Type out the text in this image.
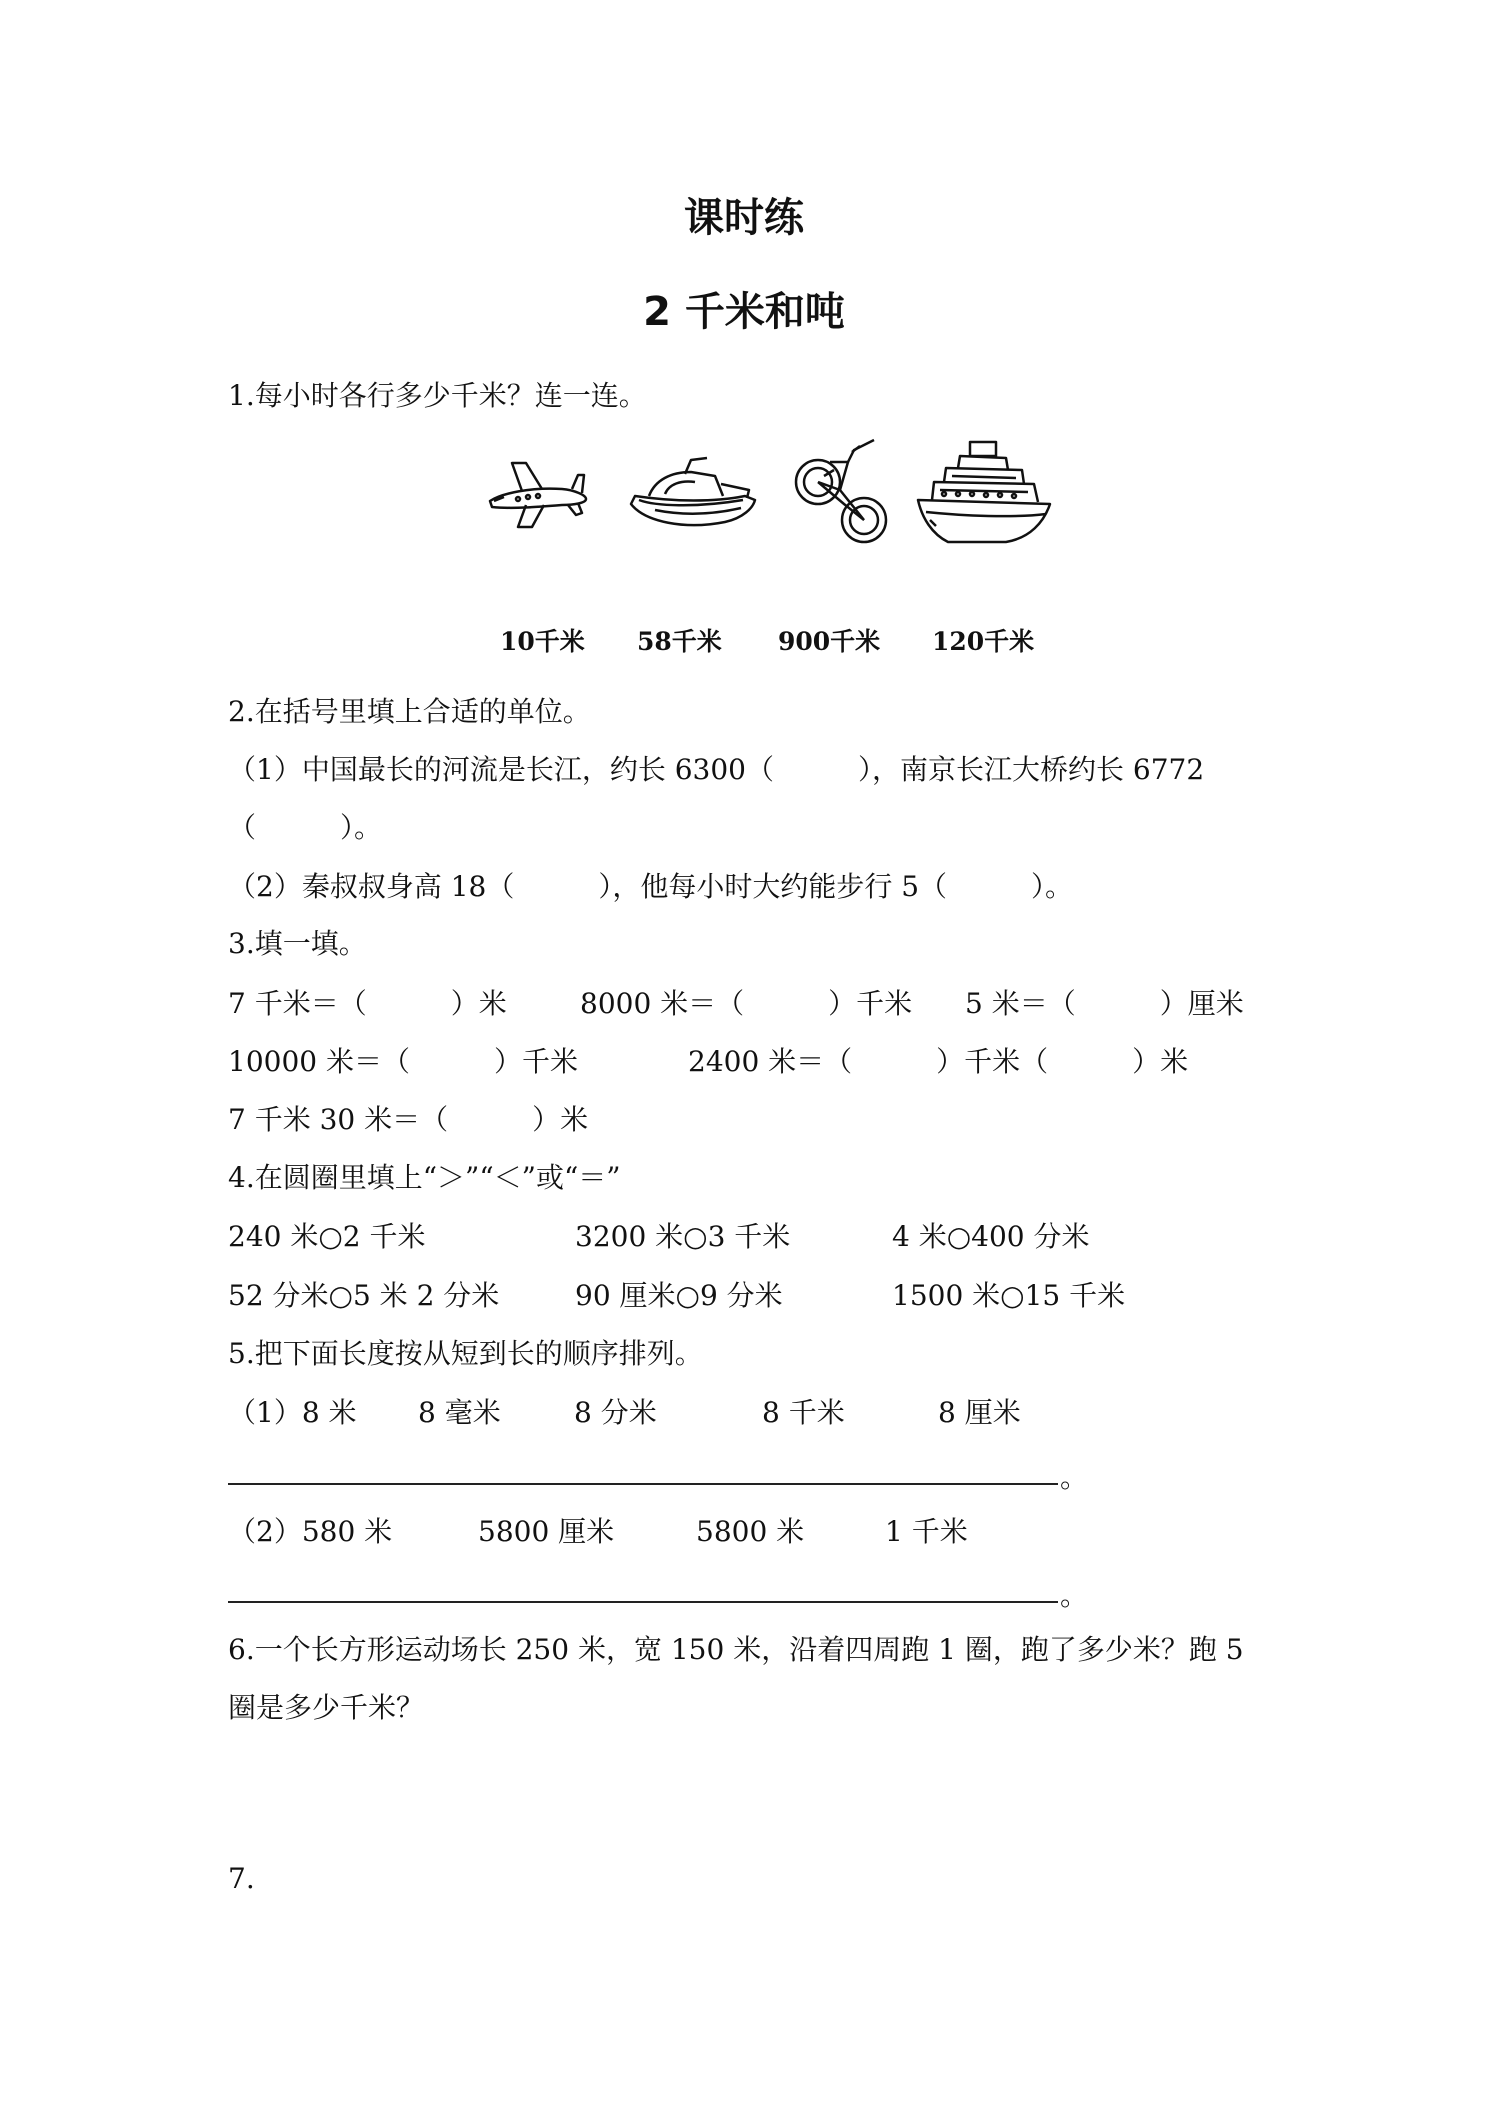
课时练
2 千米和吨
1.每小时各行多少千米？连一连。
10千米 58千米 900千米 120千米
2.在括号里填上合适的单位。
（1）中国最长的河流是长江，约长 6300（　　　），南京长江大桥约长 6772
（　　　）。
（2）秦叔叔身高 18（　　　），他每小时大约能步行 5（　　　）。
3.填一填。
7 千米＝（　　　）米	8000 米＝（　　　）千米 5 米＝（　　　）厘米
10000 米＝（　　　）千米	2400 米＝（　　　）千米（　　　）米
7 千米 30 米＝（　　　）米
4.在圆圈里填上“＞”“＜”或“＝”
240 米○2 千米	3200 米○3 千米	4 米○400 分米
52 分米○5 米 2 分米	90 厘米○9 分米	1500 米○15 千米
5.把下面长度按从短到长的顺序排列。
（1）8 米 8 毫米	8 分米	8 千米	8 厘米
。
（2）580 米	5800 厘米	5800 米	1 千米
。
6.一个长方形运动场长 250 米，宽 150 米，沿着四周跑 1 圈，跑了多少米？跑 5
圈是多少千米？
7.
